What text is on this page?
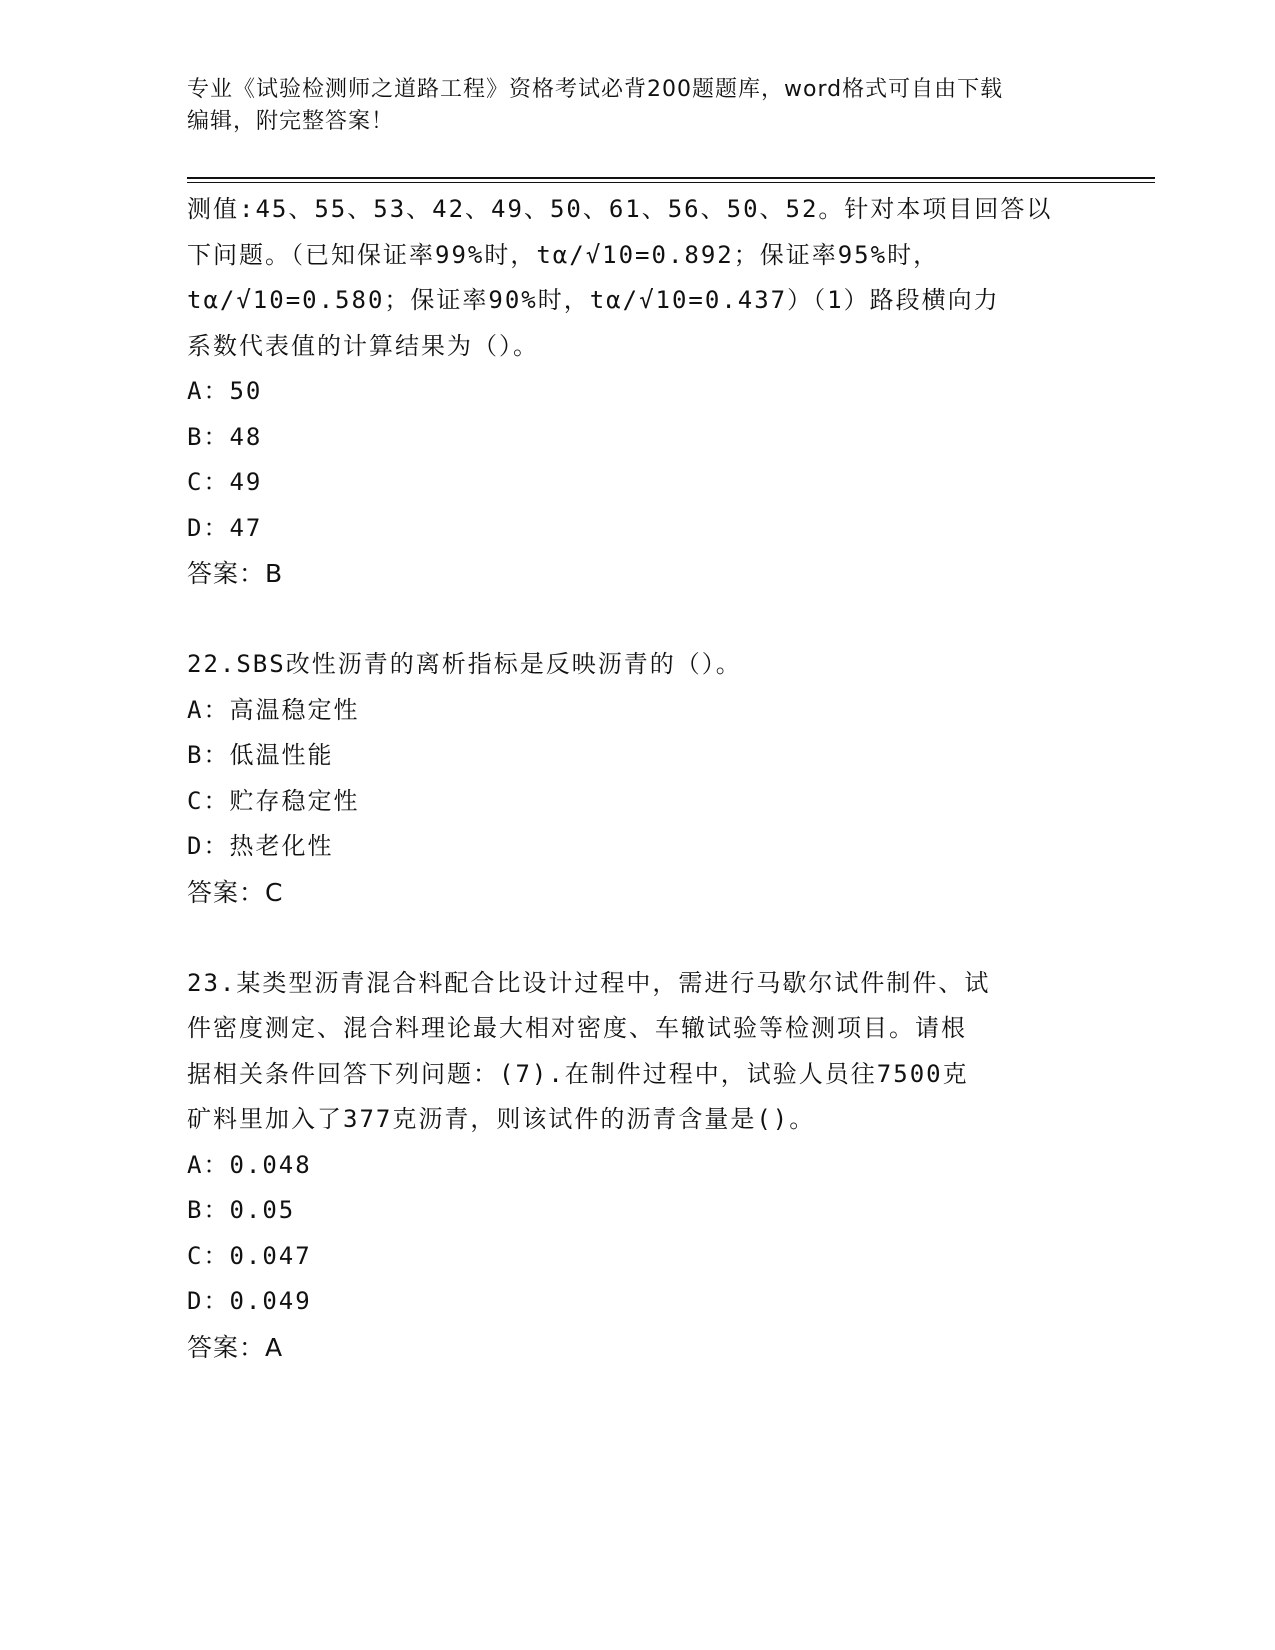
专业《试验检测师之道路工程》资格考试必背200题题库，word格式可自由下载
编辑，附完整答案！
测值:45、55、53、42、49、50、61、56、50、52。针对本项目回答以
下问题。（已知保证率99%时，tα/√10=0.892；保证率95%时，
tα/√10=0.580；保证率90%时，tα/√10=0.437）（1）路段横向力
系数代表值的计算结果为（）。
A：50
B：48
C：49
D：47
答案：B
22.SBS改性沥青的离析指标是反映沥青的（）。
A：高温稳定性
B：低温性能
C：贮存稳定性
D：热老化性
答案：C
23.某类型沥青混合料配合比设计过程中，需进行马歇尔试件制件、试
件密度测定、混合料理论最大相对密度、车辙试验等检测项目。请根
据相关条件回答下列问题：(7).在制件过程中，试验人员往7500克
矿料里加入了377克沥青，则该试件的沥青含量是()。
A：0.048
B：0.05
C：0.047
D：0.049
答案：A
